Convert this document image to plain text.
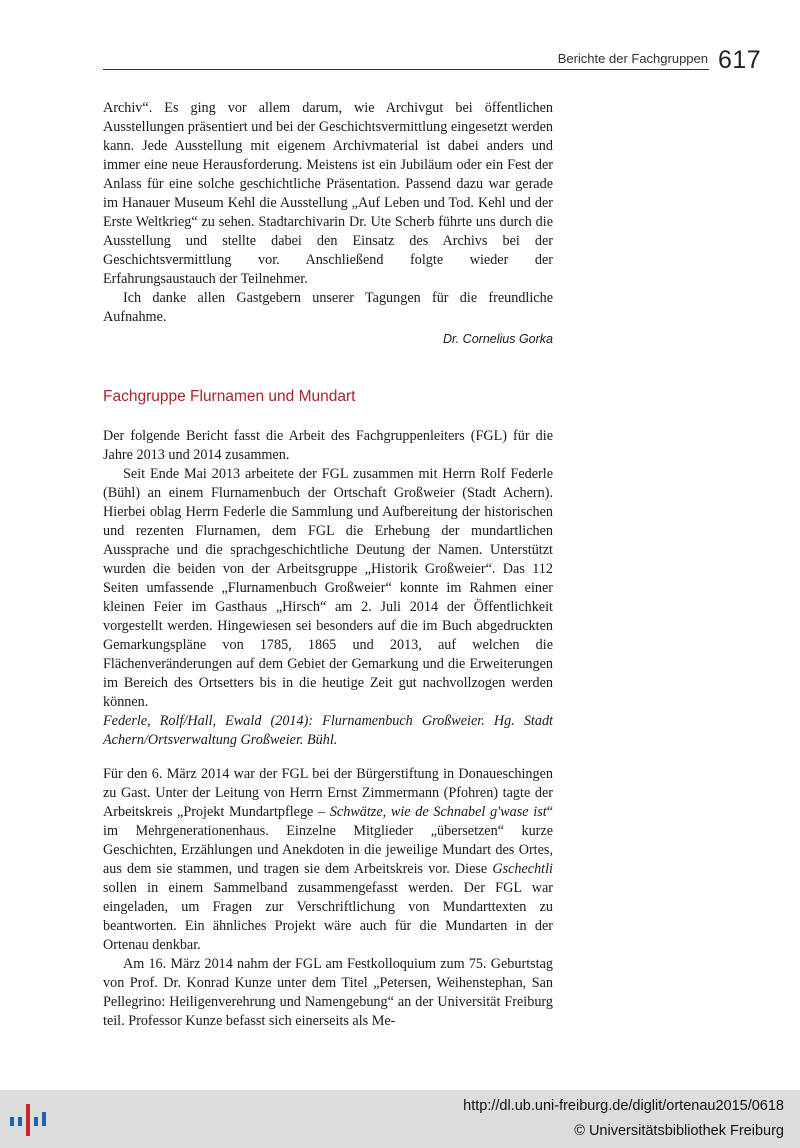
Berichte der Fachgruppen 617

Archiv“. Es ging vor allem darum, wie Archivgut bei öffentlichen Ausstellungen präsentiert und bei der Geschichtsvermittlung eingesetzt werden kann. Jede Ausstellung mit eigenem Archivmaterial ist dabei anders und immer eine neue Herausforderung. Meistens ist ein Jubiläum oder ein Fest der Anlass für eine solche geschichtliche Präsentation. Passend dazu war gerade im Hanauer Museum Kehl die Ausstellung „Auf Leben und Tod. Kehl und der Erste Weltkrieg“ zu sehen. Stadtarchivarin Dr. Ute Scherb führte uns durch die Ausstellung und stellte dabei den Einsatz des Archivs bei der Geschichtsvermittlung vor. Anschließend folgte wieder der Erfahrungsaustauch der Teilnehmer.

Ich danke allen Gastgebern unserer Tagungen für die freundliche Aufnahme.

Dr. Cornelius Gorka

Fachgruppe Flurnamen und Mundart

Der folgende Bericht fasst die Arbeit des Fachgruppenleiters (FGL) für die Jahre 2013 und 2014 zusammen.

Seit Ende Mai 2013 arbeitete der FGL zusammen mit Herrn Rolf Federle (Bühl) an einem Flurnamenbuch der Ortschaft Großweier (Stadt Achern). Hierbei oblag Herrn Federle die Sammlung und Aufbereitung der historischen und rezenten Flurnamen, dem FGL die Erhebung der mundartlichen Aussprache und die sprachgeschichtliche Deutung der Namen. Unterstützt wurden die beiden von der Arbeitsgruppe „Historik Großweier“. Das 112 Seiten umfassende „Flurnamenbuch Großweier“ konnte im Rahmen einer kleinen Feier im Gasthaus „Hirsch“ am 2. Juli 2014 der Öffentlichkeit vorgestellt werden. Hingewiesen sei besonders auf die im Buch abgedruckten Gemarkungspläne von 1785, 1865 und 2013, auf welchen die Flächenveränderungen auf dem Gebiet der Gemarkung und die Erweiterungen im Bereich des Ortsetters bis in die heutige Zeit gut nachvollzogen werden können.

Federle, Rolf/Hall, Ewald (2014): Flurnamenbuch Großweier. Hg. Stadt Achern/Ortsverwaltung Großweier. Bühl.

Für den 6. März 2014 war der FGL bei der Bürgerstiftung in Donaueschingen zu Gast. Unter der Leitung von Herrn Ernst Zimmermann (Pfohren) tagte der Arbeitskreis „Projekt Mundartpflege – Schwätze, wie de Schnabel g'wase ist“ im Mehrgenerationenhaus. Einzelne Mitglieder „übersetzen“ kurze Geschichten, Erzählungen und Anekdoten in die jeweilige Mundart des Ortes, aus dem sie stammen, und tragen sie dem Arbeitskreis vor. Diese Gschechtli sollen in einem Sammelband zusammengefasst werden. Der FGL war eingeladen, um Fragen zur Verschriftlichung von Mundarttexten zu beantworten. Ein ähnliches Projekt wäre auch für die Mundarten in der Ortenau denkbar.

Am 16. März 2014 nahm der FGL am Festkolloquium zum 75. Geburtstag von Prof. Dr. Konrad Kunze unter dem Titel „Petersen, Weihenstephan, San Pellegrino: Heiligenverehrung und Namengebung“ an der Universität Freiburg teil. Professor Kunze befasst sich einerseits als Me-

http://dl.ub.uni-freiburg.de/diglit/ortenau2015/0618
© Universitätsbibliothek Freiburg
